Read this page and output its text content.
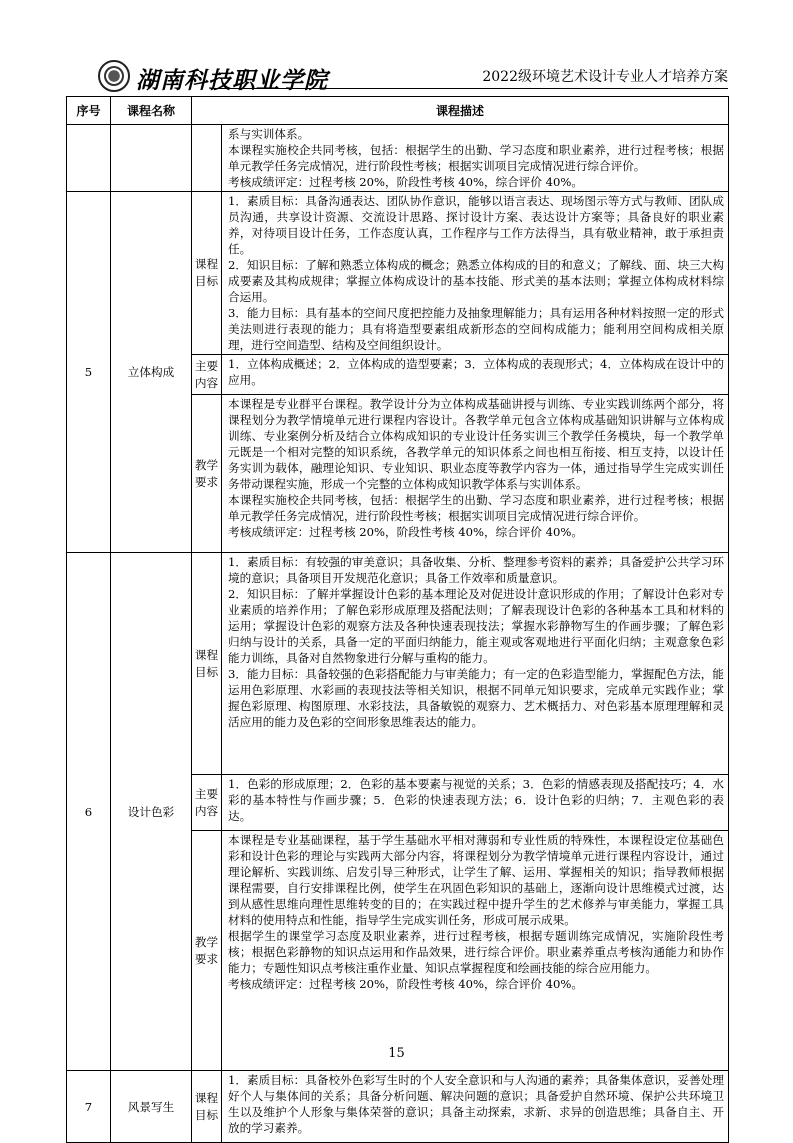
湖南科技职业学院	2022级环境艺术设计专业人才培养方案
序号	课程名称	课程描述	

			系与实训体系。

本课程实施校企共同考核，包括：根据学生的出勤、学习态度和职业素养，进行过程考核；根据单元教学任务完成情况，进行阶段性考核；根据实训项目完成情况进行综合评价。

考核成绩评定：过程考核 20%，阶段性考核 40%，综合评价 40%。

5	立体构成	课程目标	1．素质目标：具备沟通表达、团队协作意识，能够以语言表达、现场图示等方式与教师、团队成员沟通，共享设计资源、交流设计思路、探讨设计方案、表达设计方案等；具备良好的职业素养，对待项目设计任务，工作态度认真，工作程序与工作方法得当，具有敬业精神，敢于承担责任。

2．知识目标：了解和熟悉立体构成的概念；熟悉立体构成的目的和意义；了解线、面、块三大构成要素及其构成规律；掌握立体构成设计的基本技能、形式美的基本法则；掌握立体构成材料综合运用。

3．能力目标：具有基本的空间尺度把控能力及抽象理解能力；具有运用各种材料按照一定的形式美法则进行表现的能力；具有将造型要素组成新形态的空间构成能力；能利用空间构成相关原理，进行空间造型、结构及空间组织设计。

		主要内容	1．立体构成概述；2．立体构成的造型要素；3．立体构成的表现形式；4．立体构成在设计中的应用。

		教学要求	本课程是专业群平台课程。教学设计分为立体构成基础讲授与训练、专业实践训练两个部分，将课程划分为教学情境单元进行课程内容设计。各教学单元包含立体构成基础知识讲解与立体构成训练、专业案例分析及结合立体构成知识的专业设计任务实训三个教学任务模块，每一个教学单元既是一个相对完整的知识系统，各教学单元的知识体系之间也相互衔接、相互支持，以设计任务实训为载体，融理论知识、专业知识、职业态度等教学内容为一体，通过指导学生完成实训任务带动课程实施，形成一个完整的立体构成知识教学体系与实训体系。

本课程实施校企共同考核，包括：根据学生的出勤、学习态度和职业素养，进行过程考核；根据单元教学任务完成情况，进行阶段性考核；根据实训项目完成情况进行综合评价。

考核成绩评定：过程考核 20%，阶段性考核 40%，综合评价 40%。

6	设计色彩	课程目标	1．素质目标：有较强的审美意识；具备收集、分析、整理参考资料的素养；具备爱护公共学习环境的意识；具备项目开发规范化意识；具备工作效率和质量意识。

2．知识目标：了解并掌握设计色彩的基本理论及对促进设计意识形成的作用；了解设计色彩对专业素质的培养作用；了解色彩形成原理及搭配法则；了解表现设计色彩的各种基本工具和材料的运用；掌握设计色彩的观察方法及各种快速表现技法；掌握水彩静物写生的作画步骤；了解色彩归纳与设计的关系，具备一定的平面归纳能力，能主观或客观地进行平面化归纳；主观意象色彩能力训练，具备对自然物象进行分解与重构的能力。

3．能力目标：具备较强的色彩搭配能力与审美能力；有一定的色彩造型能力，掌握配色方法，能运用色彩原理、水彩画的表现技法等相关知识，根据不同单元知识要求，完成单元实践作业；掌握色彩原理、构图原理、水彩技法，具备敏锐的观察力、艺术概括力、对色彩基本原理理解和灵活应用的能力及色彩的空间形象思维表达的能力。

		主要内容	1．色彩的形成原理；2．色彩的基本要素与视觉的关系；3．色彩的情感表现及搭配技巧；4．水彩的基本特性与作画步骤；5．色彩的快速表现方法；6．设计色彩的归纳；7．主观色彩的表达。

		教学要求	本课程是专业基础课程，基于学生基础水平相对薄弱和专业性质的特殊性，本课程设定位基础色彩和设计色彩的理论与实践两大部分内容，将课程划分为教学情境单元进行课程内容设计，通过理论解析、实践训练、启发引导三种形式，让学生了解、运用、掌握相关的知识；指导教师根据课程需要，自行安排课程比例，使学生在巩固色彩知识的基础上，逐渐向设计思维模式过渡，达到从感性思维向理性思维转变的目的；在实践过程中提升学生的艺术修养与审美能力，掌握工具材料的使用特点和性能，指导学生完成实训任务，形成可展示成果。

根据学生的课堂学习态度及职业素养，进行过程考核，根据专题训练完成情况，实施阶段性考核；根据色彩静物的知识点运用和作品效果，进行综合评价。职业素养重点考核沟通能力和协作能力；专题性知识点考核注重作业量、知识点掌握程度和绘画技能的综合应用能力。

考核成绩评定：过程考核 20%，阶段性考核 40%，综合评价 40%。

7	风景写生	课程目标	1．素质目标：具备校外色彩写生时的个人安全意识和与人沟通的素养；具备集体意识，妥善处理好个人与集体间的关系；具备分析问题、解决问题的意识；具备爱护自然环境、保护公共环境卫生以及维护个人形象与集体荣誉的意识；具备主动探索，求新、求异的创造思维；具备自主、开放的学习素养。

15
